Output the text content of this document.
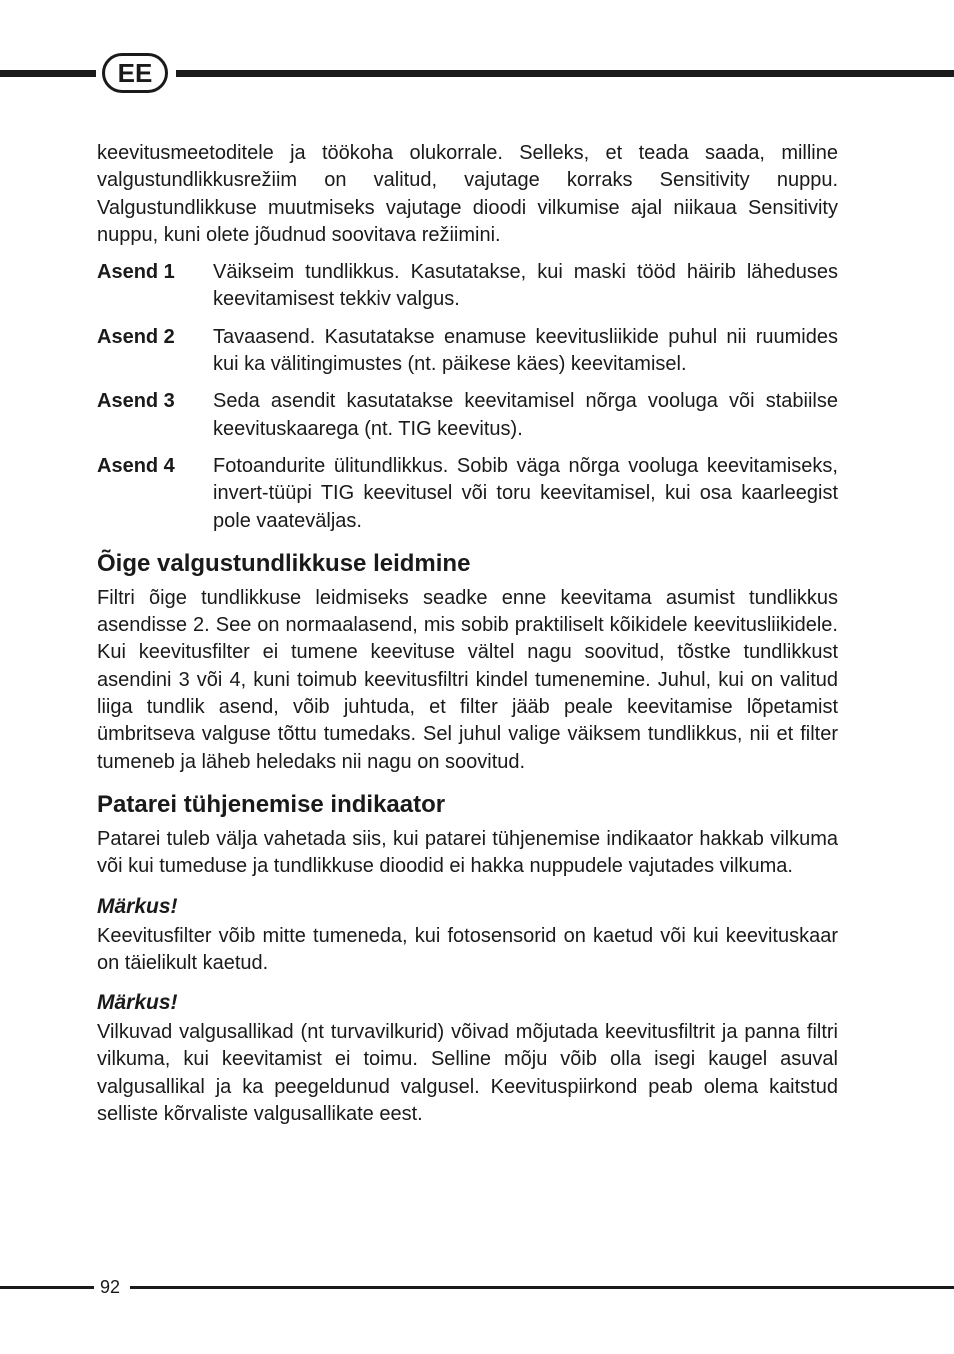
EE

keevitusmeetoditele ja töökoha olukorrale. Selleks, et teada saada, milline valgustundlikkusrežiim on valitud, vajutage korraks Sensitivity nuppu. Valgustundlikkuse muutmiseks vajutage dioodi vilkumise ajal niikaua Sensitivity nuppu, kuni olete jõudnud soovitava režiimini.

Asend 1	Väikseim tundlikkus. Kasutatakse, kui maski tööd häirib läheduses keevitamisest tekkiv valgus.

Asend 2	Tavaasend. Kasutatakse enamuse keevitusliikide puhul nii ruumides kui ka välitingimustes (nt. päikese käes) keevitamisel.

Asend 3	Seda asendit kasutatakse keevitamisel nõrga vooluga või stabiilse keevituskaarega (nt. TIG keevitus).

Asend 4	Fotoandurite ülitundlikkus. Sobib väga nõrga vooluga keevitamiseks, invert-tüüpi TIG keevitusel või toru keevitamisel, kui osa kaarleegist pole vaateväljas.

Õige valgustundlikkuse leidmine

Filtri õige tundlikkuse leidmiseks seadke enne keevitama asumist tundlikkus asendisse 2. See on normaalasend, mis sobib praktiliselt kõikidele keevitusliikidele. Kui keevitusfilter ei tumene keevituse vältel nagu soovitud, tõstke tundlikkust asendini 3 või 4, kuni toimub keevitusfiltri kindel tumenemine. Juhul, kui on valitud liiga tundlik asend, võib juhtuda, et filter jääb peale keevitamise lõpetamist ümbritseva valguse tõttu tumedaks. Sel juhul valige väiksem tundlikkus, nii et filter tumeneb ja läheb heledaks nii nagu on soovitud.

Patarei tühjenemise indikaator

Patarei tuleb välja vahetada siis, kui patarei tühjenemise indikaator hakkab vilkuma või kui tumeduse ja tundlikkuse dioodid ei hakka nuppudele vajutades vilkuma.

Märkus!

Keevitusfilter võib mitte tumeneda, kui fotosensorid on kaetud või kui keevituskaar on täielikult kaetud.

Märkus!

Vilkuvad valgusallikad (nt turvavilkurid) võivad mõjutada keevitusfiltrit ja panna filtri vilkuma, kui keevitamist ei toimu. Selline mõju võib olla isegi kaugel asuval valgusallikal ja ka peegeldunud valgusel. Keevituspiirkond peab olema kaitstud selliste kõrvaliste valgusallikate eest.

92
